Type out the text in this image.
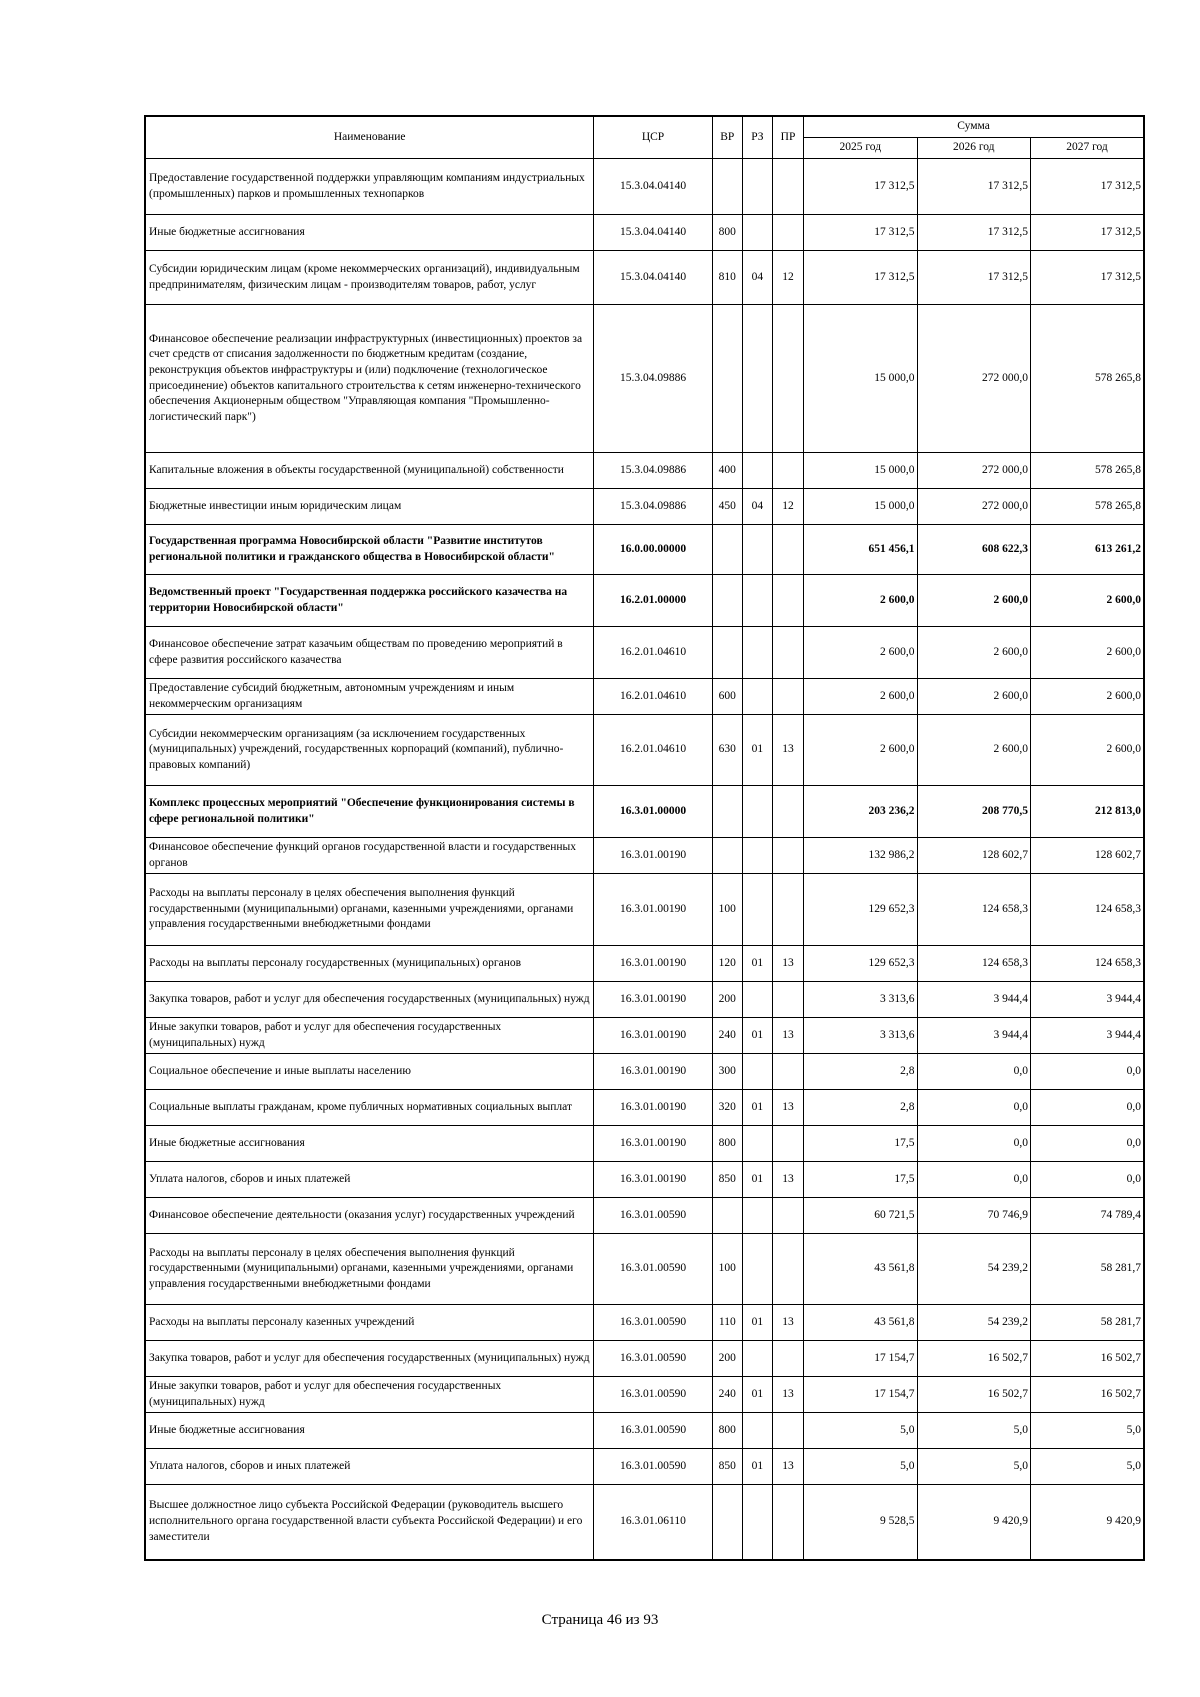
Наименование	ЦСР	ВР	РЗ	ПР	Сумма		
					2025 год	2026 год	2027 год
Предоставление государственной поддержки управляющим компаниям индустриальных (промышленных) парков и промышленных технопарков	15.3.04.04140				17 312,5	17 312,5	17 312,5
Иные бюджетные ассигнования	15.3.04.04140	800			17 312,5	17 312,5	17 312,5
Субсидии юридическим лицам (кроме некоммерческих организаций), индивидуальным предпринимателям, физическим лицам - производителям товаров, работ, услуг	15.3.04.04140	810	04	12	17 312,5	17 312,5	17 312,5
Финансовое обеспечение реализации инфраструктурных (инвестиционных) проектов за счет средств от списания задолженности по бюджетным кредитам (создание, реконструкция объектов инфраструктуры и (или) подключение (технологическое присоединение) объектов капитального строительства к сетям инженерно-технического обеспечения Акционерным обществом "Управляющая компания "Промышленно-логистический парк")	15.3.04.09886				15 000,0	272 000,0	578 265,8
Капитальные вложения в объекты государственной (муниципальной) собственности	15.3.04.09886	400			15 000,0	272 000,0	578 265,8
Бюджетные инвестиции иным юридическим лицам	15.3.04.09886	450	04	12	15 000,0	272 000,0	578 265,8
Государственная программа Новосибирской области "Развитие институтов региональной политики и гражданского общества в Новосибирской области"	16.0.00.00000				651 456,1	608 622,3	613 261,2
Ведомственный проект "Государственная поддержка российского казачества на территории Новосибирской области"	16.2.01.00000				2 600,0	2 600,0	2 600,0
Финансовое обеспечение затрат казачьим обществам по проведению мероприятий в сфере развития российского казачества	16.2.01.04610				2 600,0	2 600,0	2 600,0
Предоставление субсидий бюджетным, автономным учреждениям и иным некоммерческим организациям	16.2.01.04610	600			2 600,0	2 600,0	2 600,0
Субсидии некоммерческим организациям (за исключением государственных (муниципальных) учреждений, государственных корпораций (компаний), публично-правовых компаний)	16.2.01.04610	630	01	13	2 600,0	2 600,0	2 600,0
Комплекс процессных мероприятий "Обеспечение функционирования системы в сфере региональной политики"	16.3.01.00000				203 236,2	208 770,5	212 813,0
Финансовое обеспечение функций органов государственной власти и государственных органов	16.3.01.00190				132 986,2	128 602,7	128 602,7
Расходы на выплаты персоналу в целях обеспечения выполнения функций государственными (муниципальными) органами, казенными учреждениями, органами управления государственными внебюджетными фондами	16.3.01.00190	100			129 652,3	124 658,3	124 658,3
Расходы на выплаты персоналу государственных (муниципальных) органов	16.3.01.00190	120	01	13	129 652,3	124 658,3	124 658,3
Закупка товаров, работ и услуг для обеспечения государственных (муниципальных) нужд	16.3.01.00190	200			3 313,6	3 944,4	3 944,4
Иные закупки товаров, работ и услуг для обеспечения государственных (муниципальных) нужд	16.3.01.00190	240	01	13	3 313,6	3 944,4	3 944,4
Социальное обеспечение и иные выплаты населению	16.3.01.00190	300			2,8	0,0	0,0
Социальные выплаты гражданам, кроме публичных нормативных социальных выплат	16.3.01.00190	320	01	13	2,8	0,0	0,0
Иные бюджетные ассигнования	16.3.01.00190	800			17,5	0,0	0,0
Уплата налогов, сборов и иных платежей	16.3.01.00190	850	01	13	17,5	0,0	0,0
Финансовое обеспечение деятельности (оказания услуг) государственных учреждений	16.3.01.00590				60 721,5	70 746,9	74 789,4
Расходы на выплаты персоналу в целях обеспечения выполнения функций государственными (муниципальными) органами, казенными учреждениями, органами управления государственными внебюджетными фондами	16.3.01.00590	100			43 561,8	54 239,2	58 281,7
Расходы на выплаты персоналу казенных учреждений	16.3.01.00590	110	01	13	43 561,8	54 239,2	58 281,7
Закупка товаров, работ и услуг для обеспечения государственных (муниципальных) нужд	16.3.01.00590	200			17 154,7	16 502,7	16 502,7
Иные закупки товаров, работ и услуг для обеспечения государственных (муниципальных) нужд	16.3.01.00590	240	01	13	17 154,7	16 502,7	16 502,7
Иные бюджетные ассигнования	16.3.01.00590	800			5,0	5,0	5,0
Уплата налогов, сборов и иных платежей	16.3.01.00590	850	01	13	5,0	5,0	5,0
Высшее должностное лицо субъекта Российской Федерации (руководитель высшего исполнительного органа государственной власти субъекта Российской Федерации) и его заместители	16.3.01.06110				9 528,5	9 420,9	9 420,9
Страница 46 из 93
